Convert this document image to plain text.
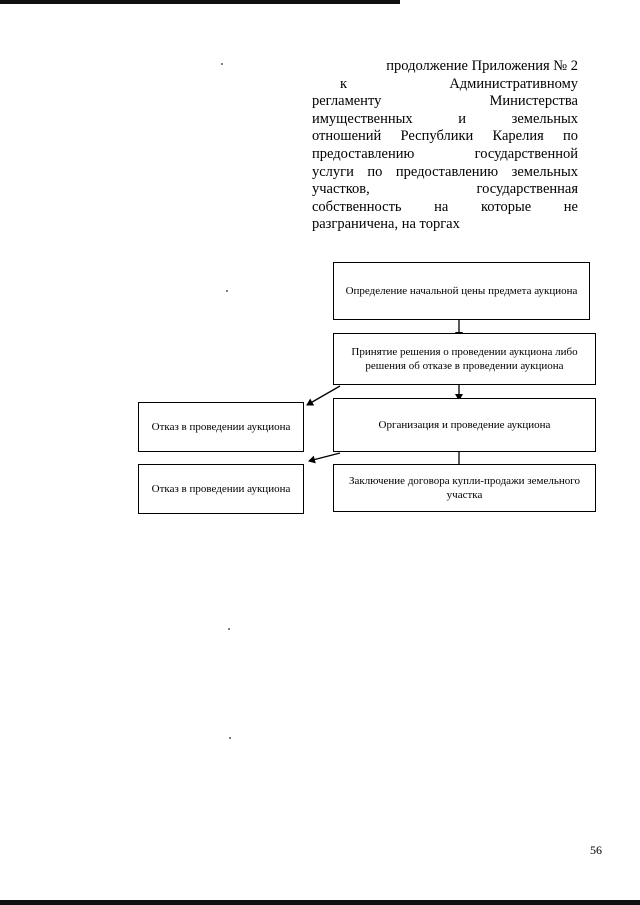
продолжение Приложения № 2
к Административному
регламенту Министерства
имущественных и земельных
отношений Республики Карелия по
предоставлению государственной
услуги по предоставлению земельных
участков, государственная
собственность на которые не
разграничена, на торгах
Определение начальной цены предмета аукциона
Принятие решения о проведении аукциона либо решения об отказе в проведении аукциона
Организация и проведение аукциона
Заключение договора купли-продажи земельного участка
Отказ в проведении аукциона
Отказ в проведении аукциона
56
